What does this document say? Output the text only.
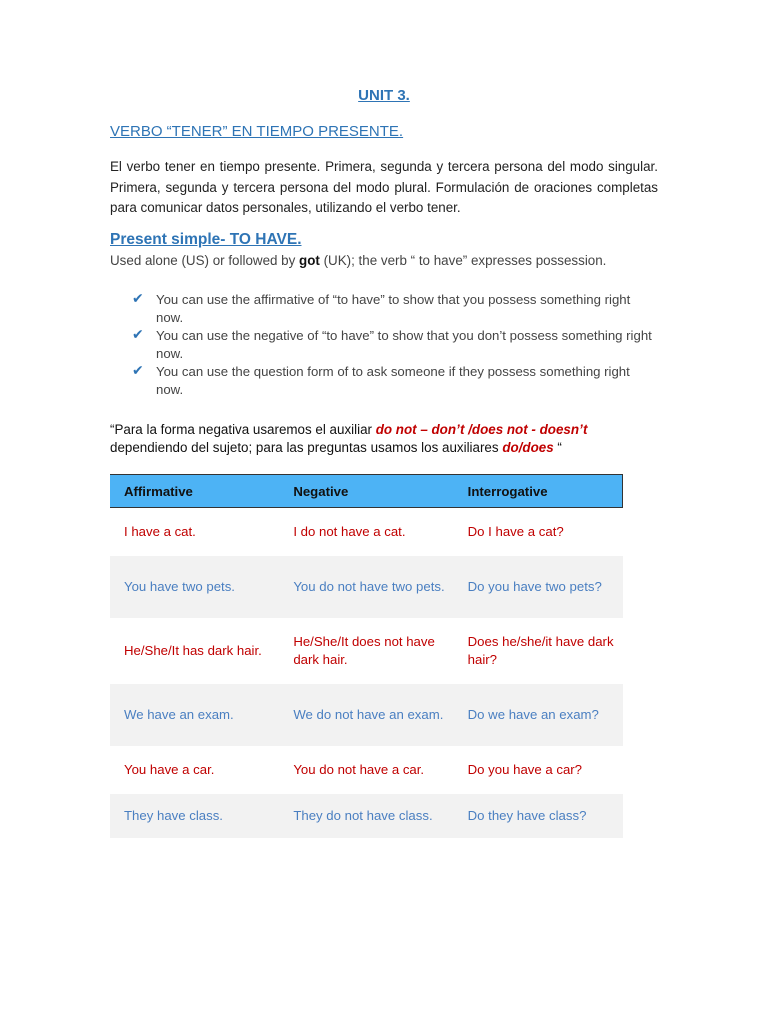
UNIT 3.
VERBO “TENER” EN TIEMPO PRESENTE.
El verbo tener en tiempo presente. Primera, segunda y tercera persona del modo singular. Primera, segunda y tercera persona del modo plural. Formulación de oraciones completas para comunicar datos personales, utilizando el verbo tener.
Present simple- TO HAVE.
Used alone (US) or followed by got (UK); the verb “ to have” expresses possession.
✔ You can use the affirmative of “to have” to show that you possess something right now.
✔ You can use the negative of “to have” to show that you don’t possess something right now.
✔ You can use the question form of to ask someone if they possess something right now.
“Para la forma negativa usaremos el auxiliar do not – don’t /does not - doesn’t
dependiendo del sujeto; para las preguntas usamos los auxiliares do/does “
Affirmative	Negative	Interrogative
I have a cat.	I do not have a cat.	Do I have a cat?
You have two pets.	You do not have two pets.	Do you have two pets?
He/She/It has dark hair.	He/She/It does not have dark hair.	Does he/she/it have dark hair?
We have an exam.	We do not have an exam.	Do we have an exam?
You have a car.	You do not have a car.	Do you have a car?
They have class.	They do not have class.	Do they have class?
